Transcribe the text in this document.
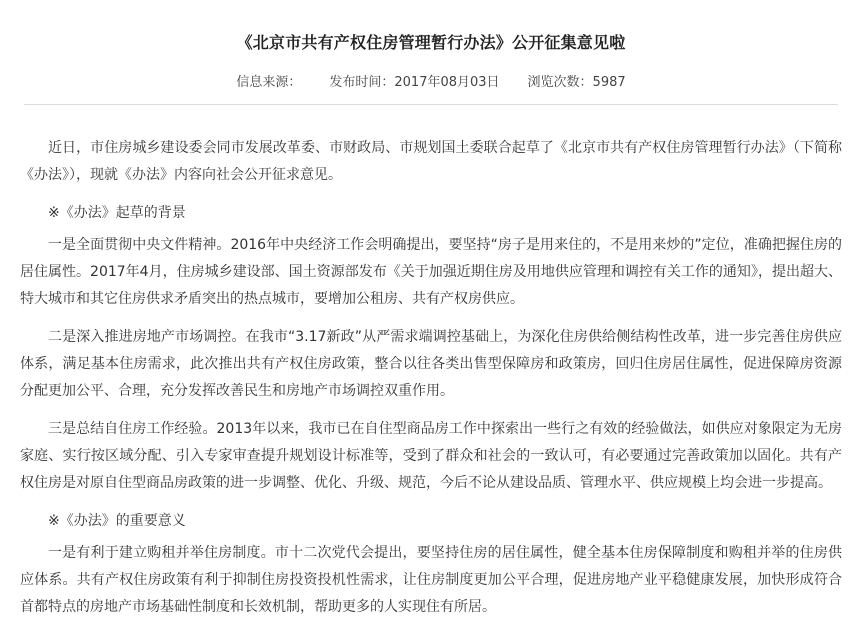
《北京市共有产权住房管理暂行办法》公开征集意见啦
信息来源： 发布时间：2017年08月03日 浏览次数：5987

近日，市住房城乡建设委会同市发展改革委、市财政局、市规划国土委联合起草了《北京市共有产权住房管理暂行办法》（下简称《办法》），现就《办法》内容向社会公开征求意见。

※《办法》起草的背景

一是全面贯彻中央文件精神。2016年中央经济工作会明确提出，要坚持“房子是用来住的，不是用来炒的”定位，准确把握住房的居住属性。2017年4月，住房城乡建设部、国土资源部发布《关于加强近期住房及用地供应管理和调控有关工作的通知》，提出超大、特大城市和其它住房供求矛盾突出的热点城市，要增加公租房、共有产权房供应。

二是深入推进房地产市场调控。在我市“3.17新政”从严需求端调控基础上，为深化住房供给侧结构性改革，进一步完善住房供应体系，满足基本住房需求，此次推出共有产权住房政策，整合以往各类出售型保障房和政策房，回归住房居住属性，促进保障房资源分配更加公平、合理，充分发挥改善民生和房地产市场调控双重作用。

三是总结自住房工作经验。2013年以来，我市已在自住型商品房工作中探索出一些行之有效的经验做法，如供应对象限定为无房家庭、实行按区域分配、引入专家审查提升规划设计标准等，受到了群众和社会的一致认可，有必要通过完善政策加以固化。共有产权住房是对原自住型商品房政策的进一步调整、优化、升级、规范，今后不论从建设品质、管理水平、供应规模上均会进一步提高。

※《办法》的重要意义

一是有利于建立购租并举住房制度。市十二次党代会提出，要坚持住房的居住属性，健全基本住房保障制度和购租并举的住房供应体系。共有产权住房政策有利于抑制住房投资投机性需求，让住房制度更加公平合理，促进房地产业平稳健康发展，加快形成符合首都特点的房地产市场基础性制度和长效机制，帮助更多的人实现住有所居。
